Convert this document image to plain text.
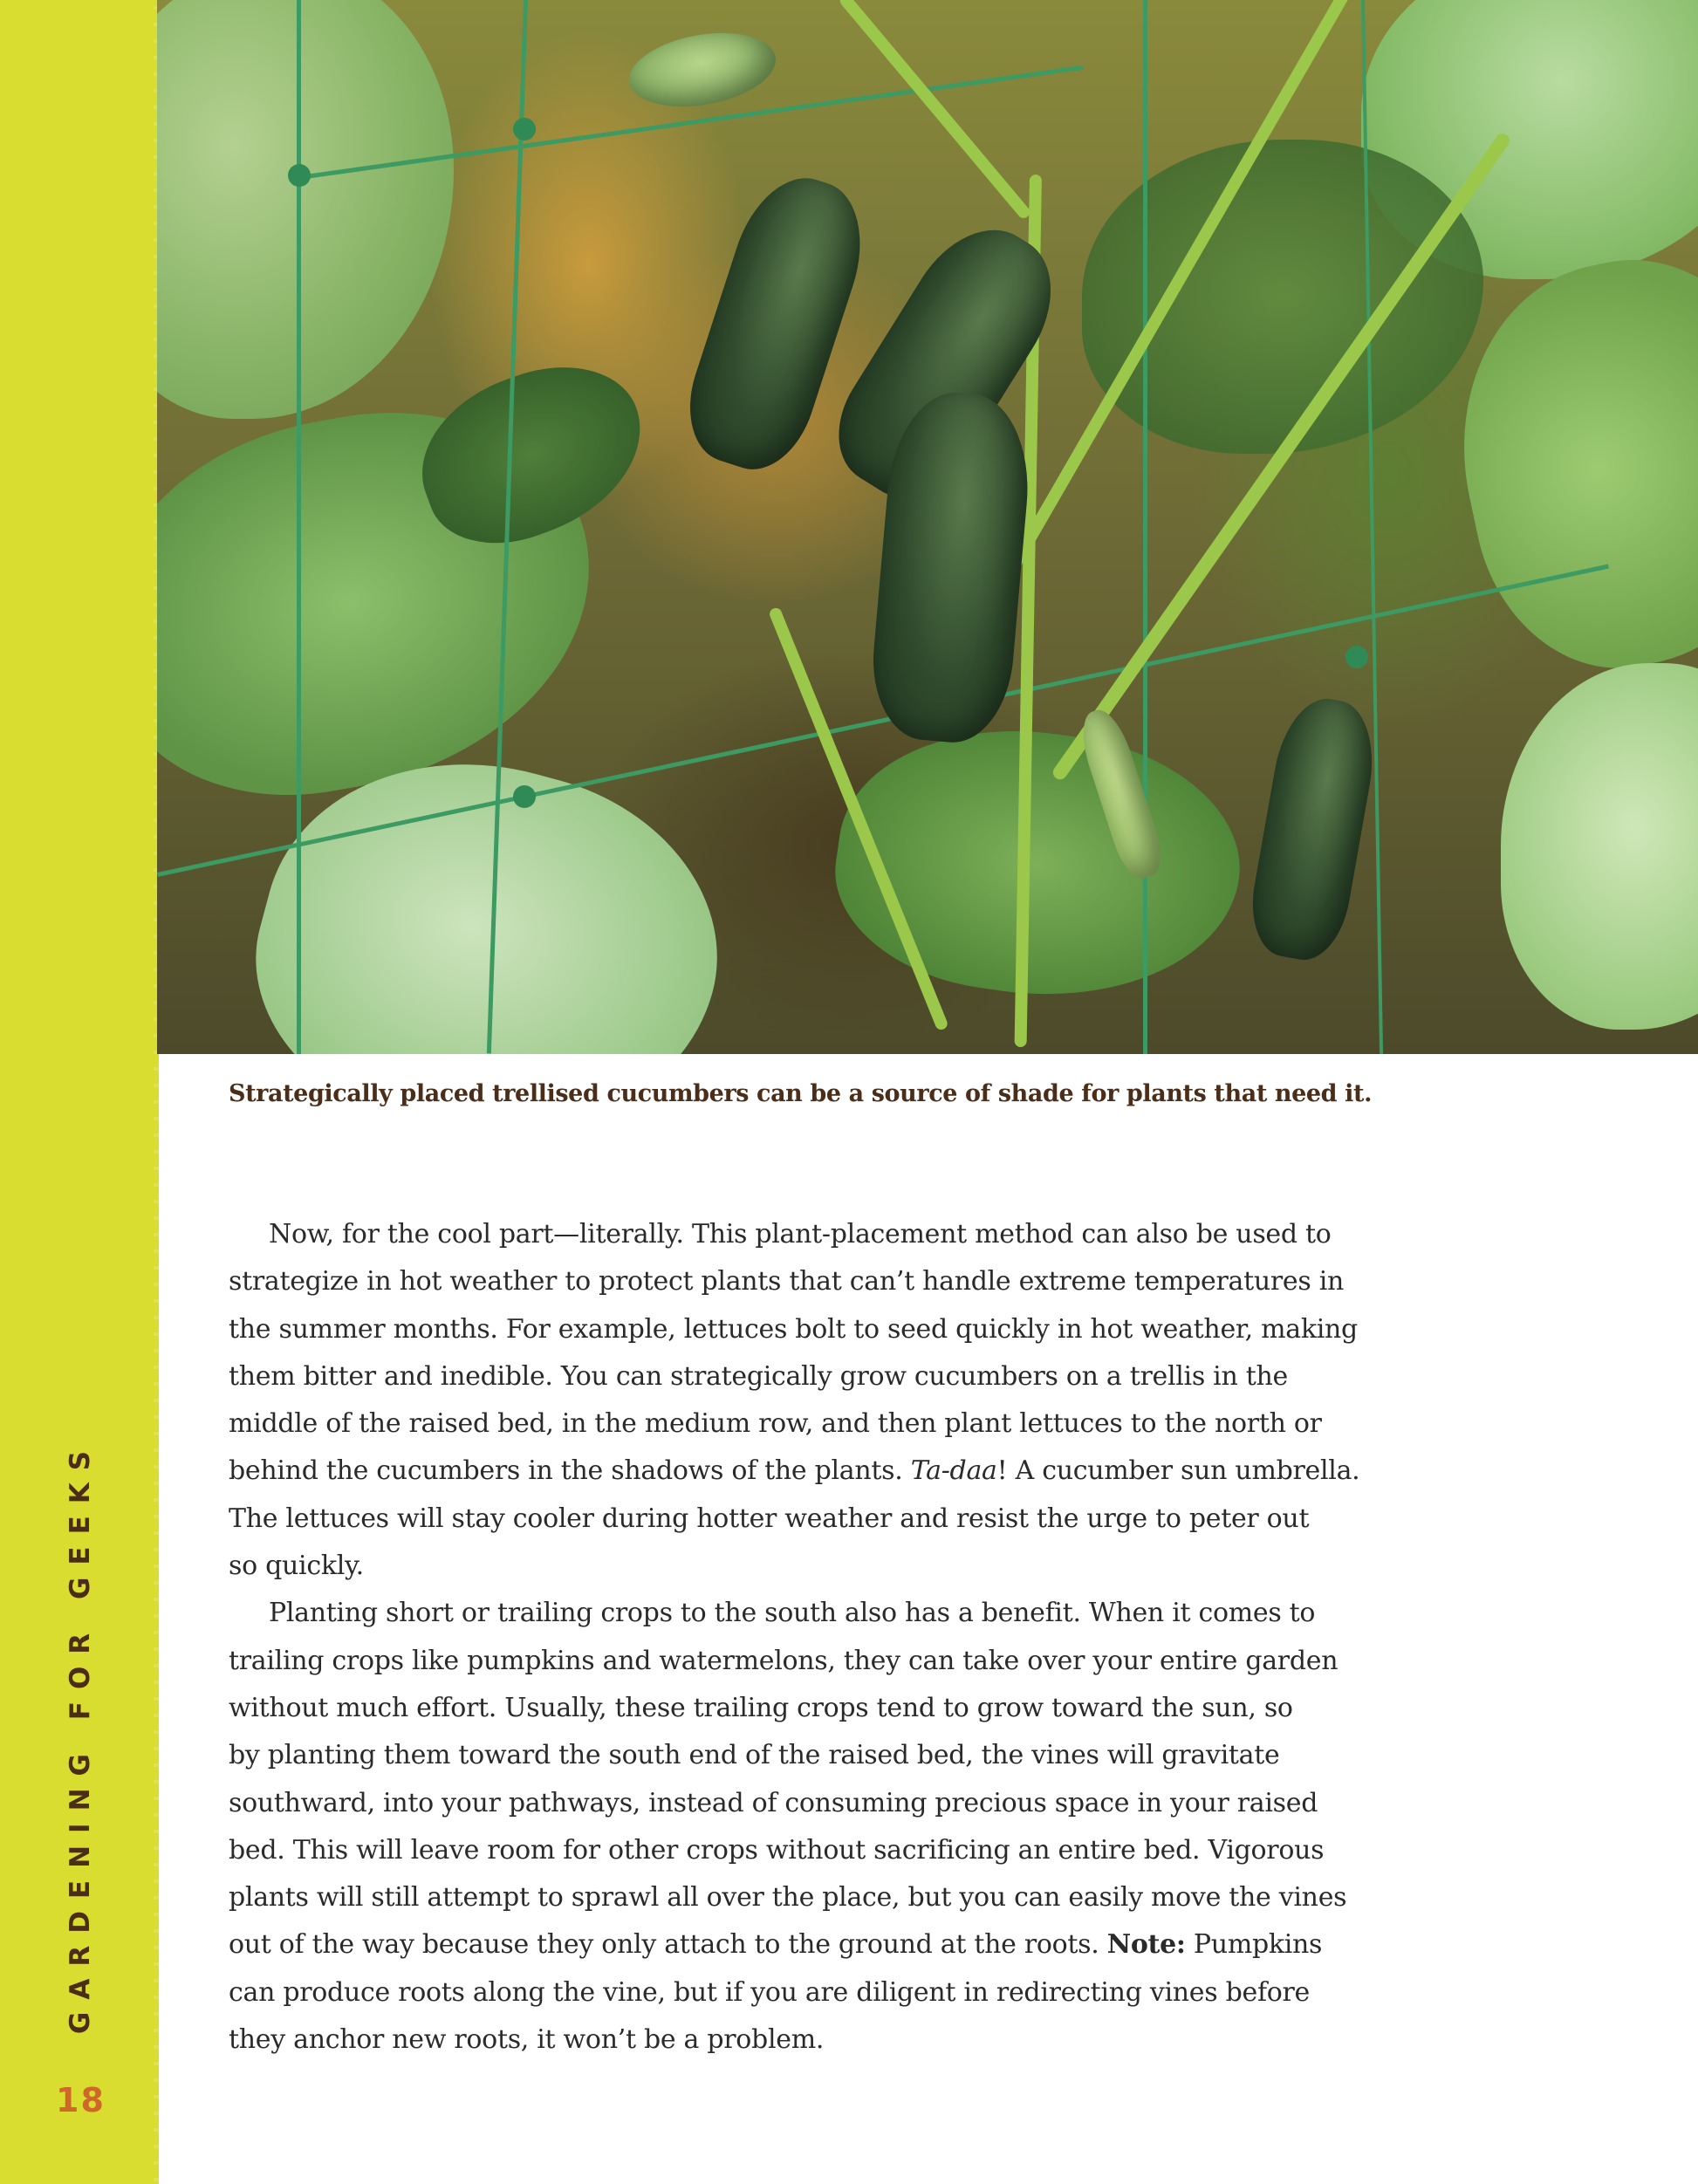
GARDENING FOR GEEKS
18
Strategically placed trellised cucumbers can be a source of shade for plants that need it.

Now, for the cool part—literally. This plant-placement method can also be used to
strategize in hot weather to protect plants that can’t handle extreme temperatures in
the summer months. For example, lettuces bolt to seed quickly in hot weather, making
them bitter and inedible. You can strategically grow cucumbers on a trellis in the
middle of the raised bed, in the medium row, and then plant lettuces to the north or
behind the cucumbers in the shadows of the plants. Ta-daa! A cucumber sun umbrella.
The lettuces will stay cooler during hotter weather and resist the urge to peter out
so quickly.

Planting short or trailing crops to the south also has a benefit. When it comes to
trailing crops like pumpkins and watermelons, they can take over your entire garden
without much effort. Usually, these trailing crops tend to grow toward the sun, so
by planting them toward the south end of the raised bed, the vines will gravitate
southward, into your pathways, instead of consuming precious space in your raised
bed. This will leave room for other crops without sacrificing an entire bed. Vigorous
plants will still attempt to sprawl all over the place, but you can easily move the vines
out of the way because they only attach to the ground at the roots. Note: Pumpkins
can produce roots along the vine, but if you are diligent in redirecting vines before
they anchor new roots, it won’t be a problem.
